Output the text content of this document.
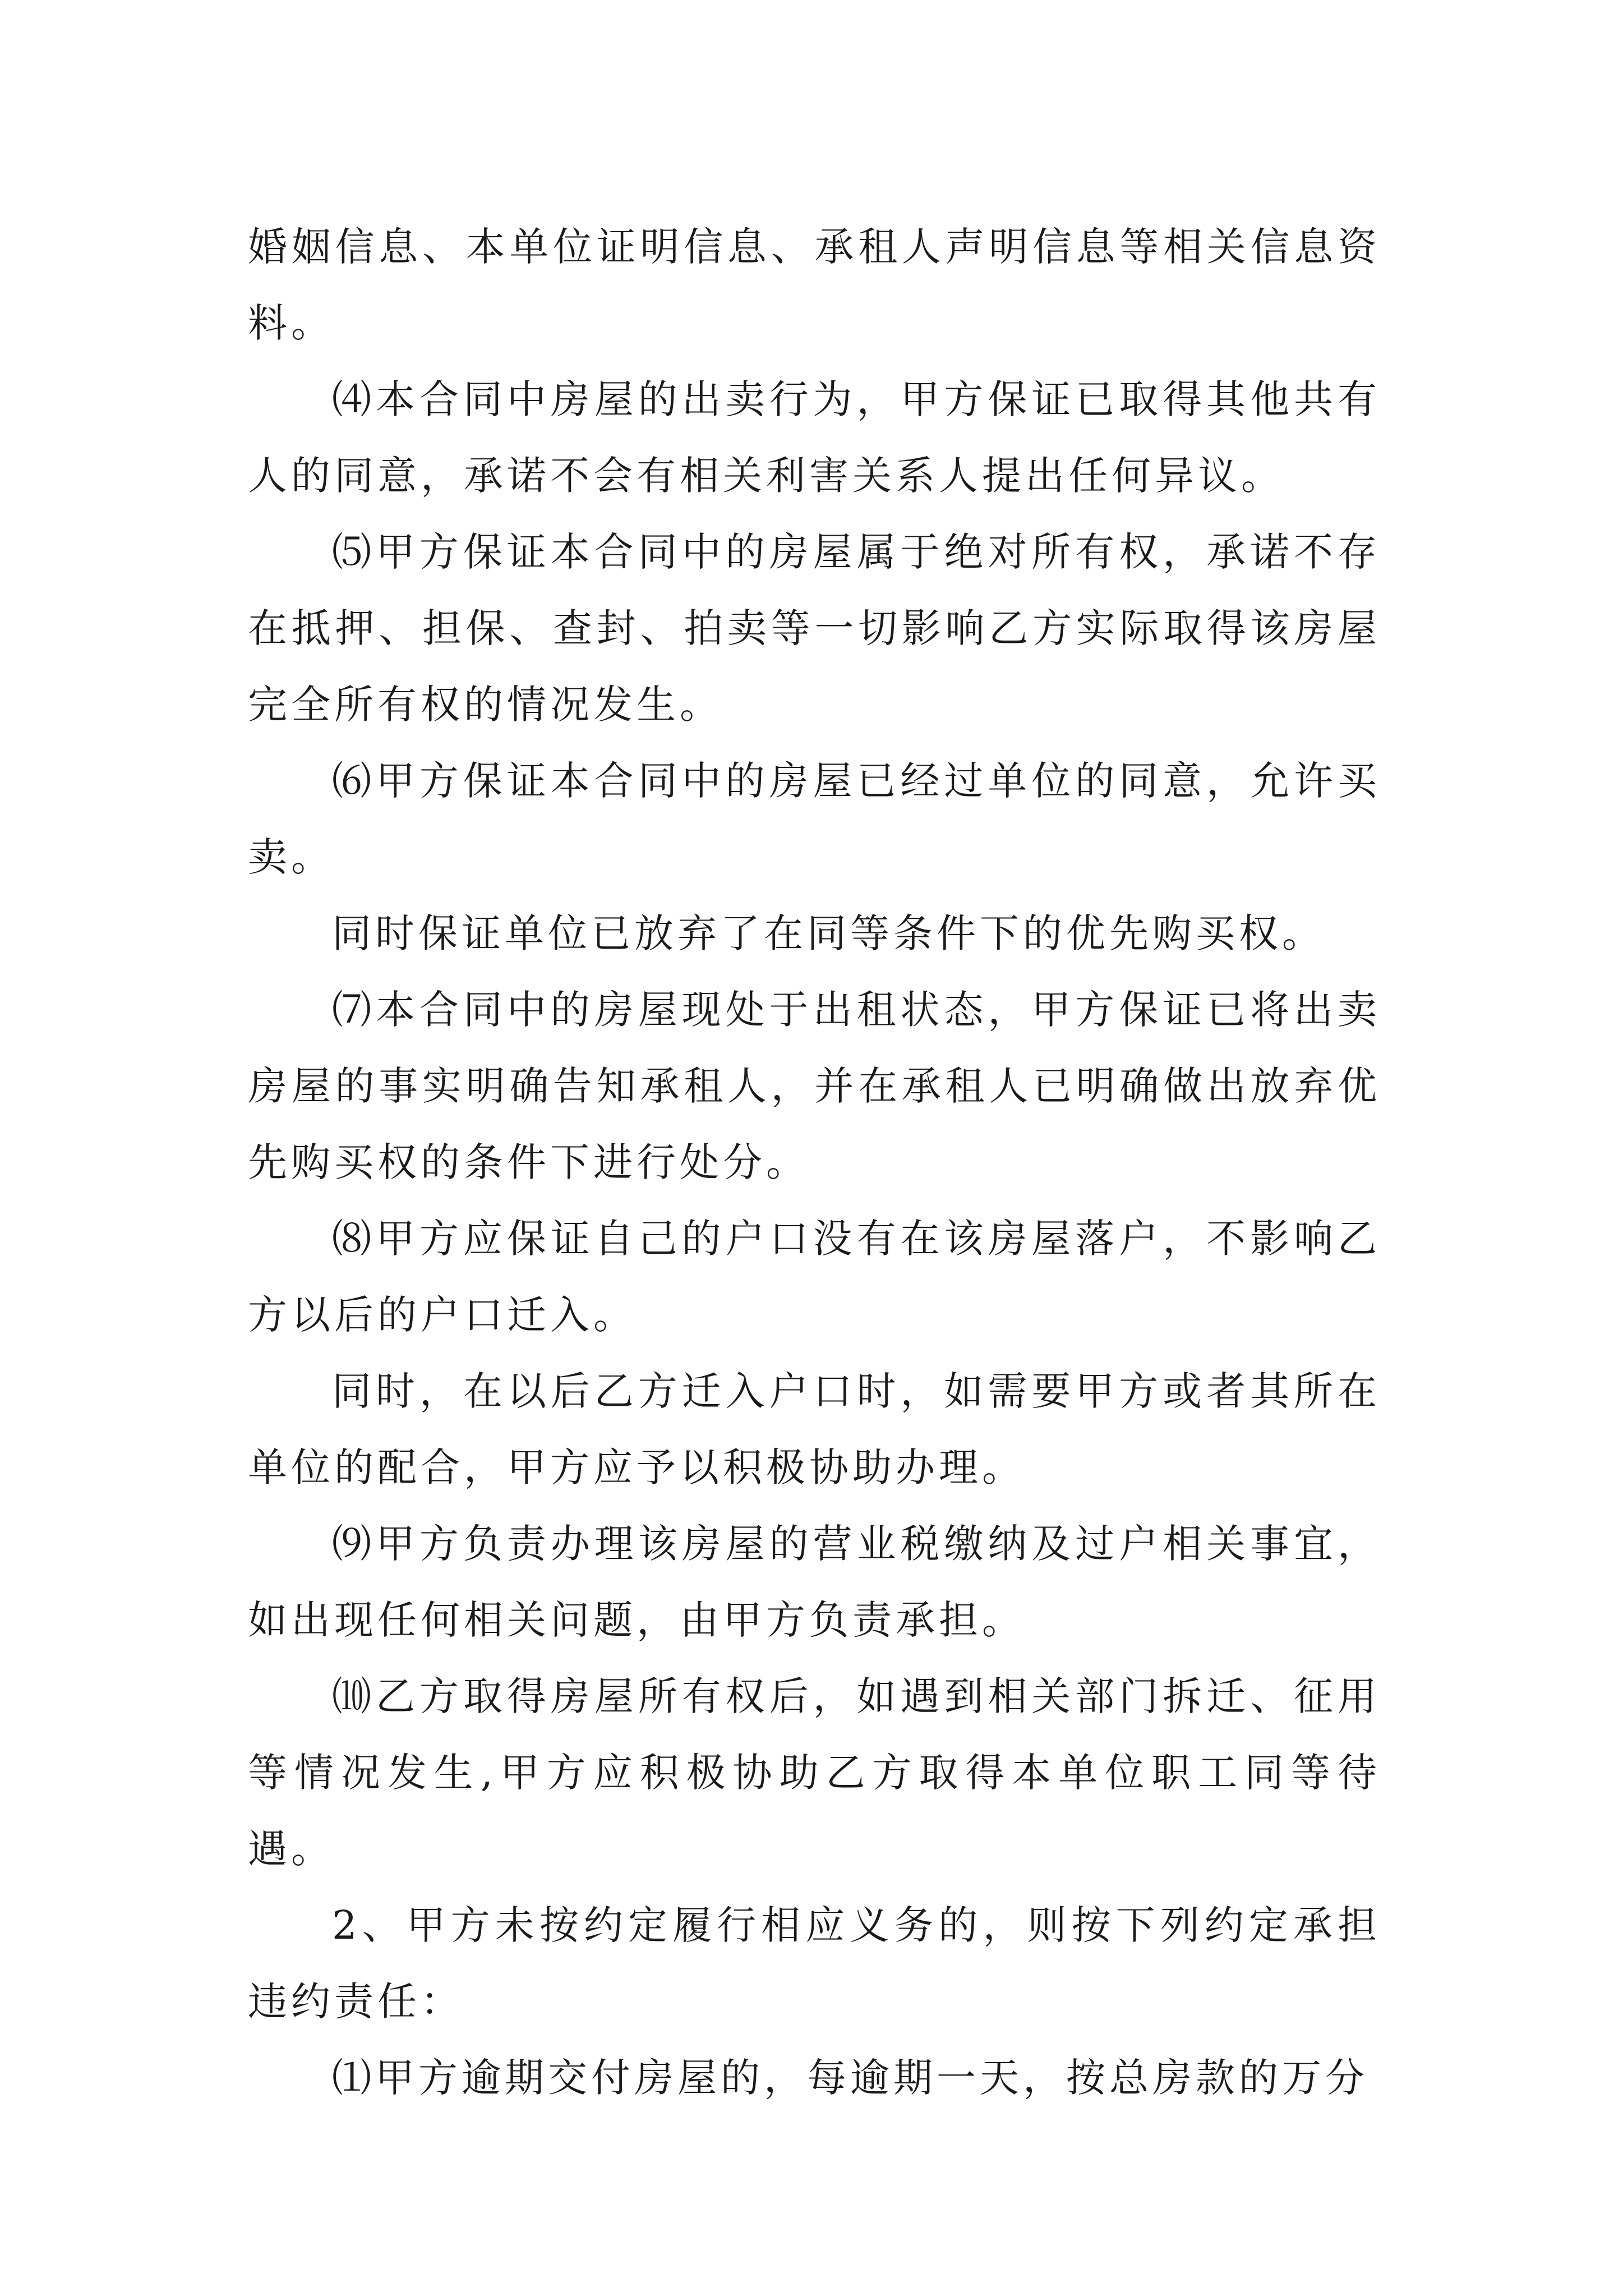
婚姻信息、本单位证明信息、承租人声明信息等相关信息资料。

⑷本合同中房屋的出卖行为，甲方保证已取得其他共有人的同意，承诺不会有相关利害关系人提出任何异议。

⑸甲方保证本合同中的房屋属于绝对所有权，承诺不存在抵押、担保、查封、拍卖等一切影响乙方实际取得该房屋完全所有权的情况发生。

⑹甲方保证本合同中的房屋已经过单位的同意，允许买卖。

同时保证单位已放弃了在同等条件下的优先购买权。

⑺本合同中的房屋现处于出租状态，甲方保证已将出卖房屋的事实明确告知承租人，并在承租人已明确做出放弃优先购买权的条件下进行处分。

⑻甲方应保证自己的户口没有在该房屋落户，不影响乙方以后的户口迁入。

同时，在以后乙方迁入户口时，如需要甲方或者其所在单位的配合，甲方应予以积极协助办理。

⑼甲方负责办理该房屋的营业税缴纳及过户相关事宜，如出现任何相关问题，由甲方负责承担。

⑽乙方取得房屋所有权后，如遇到相关部门拆迁、征用等情况发生,甲方应积极协助乙方取得本单位职工同等待遇。

2、甲方未按约定履行相应义务的，则按下列约定承担违约责任：

⑴甲方逾期交付房屋的，每逾期一天，按总房款的万分
